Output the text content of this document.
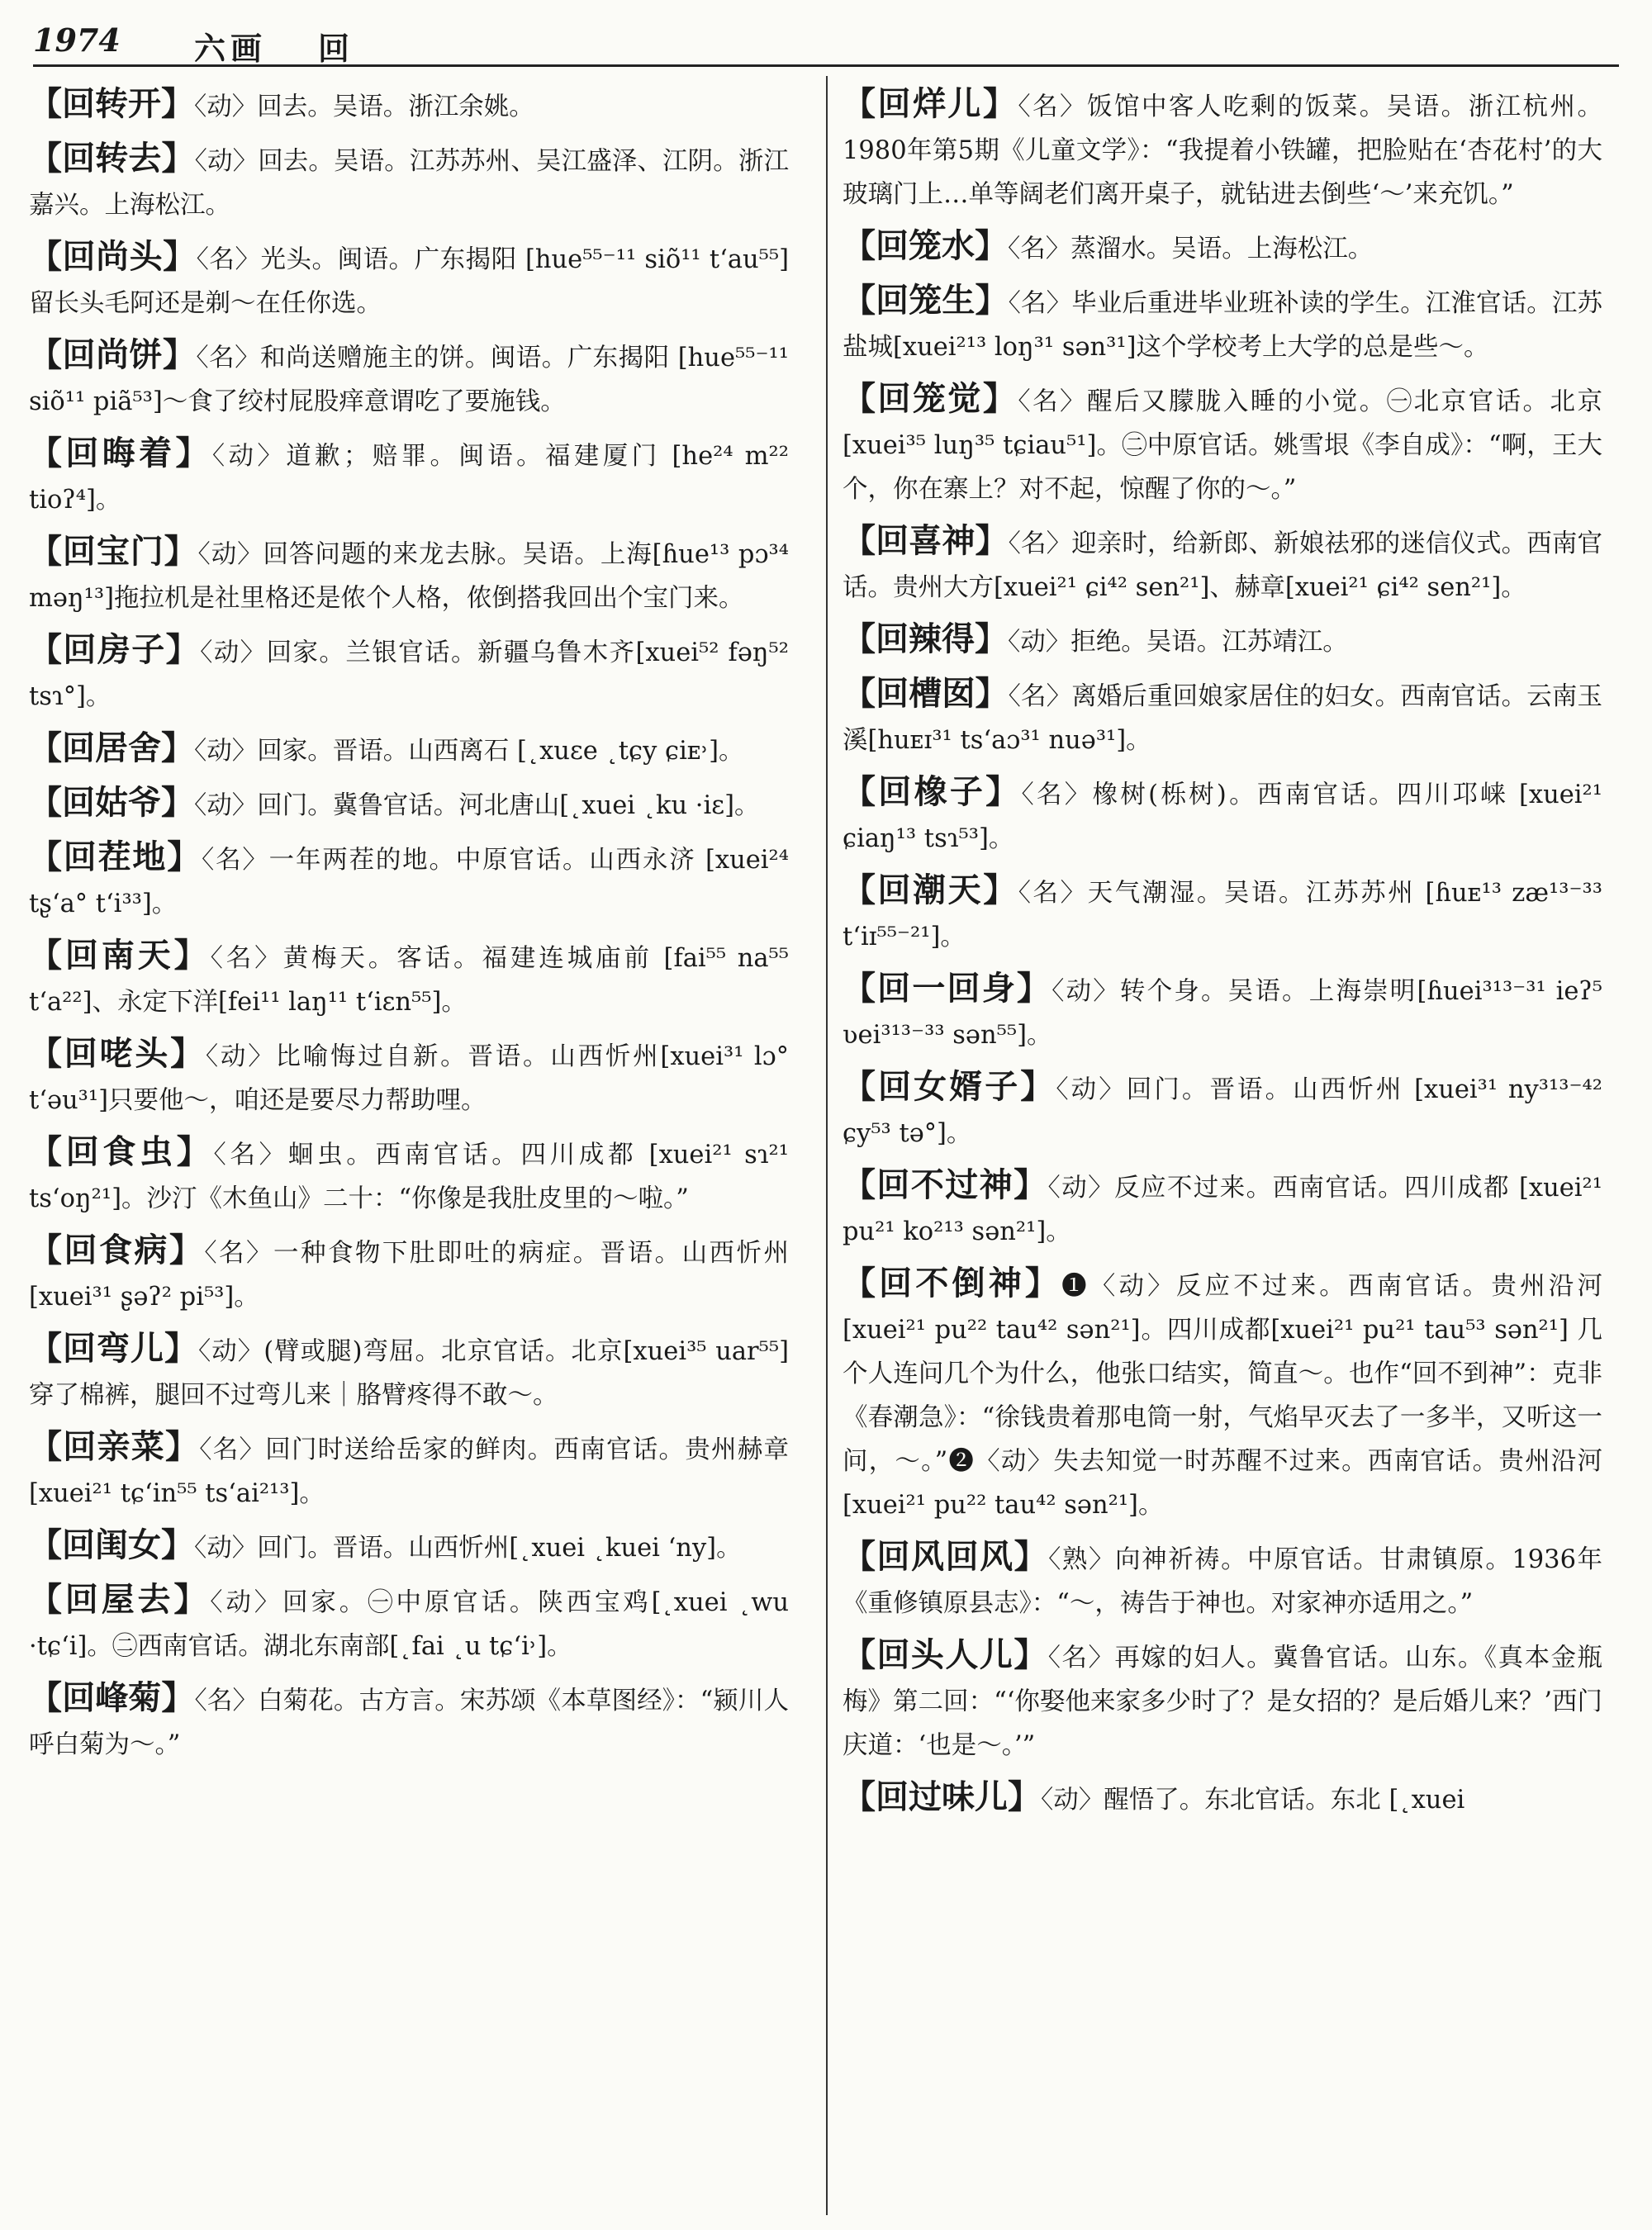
1974 六画 回

【回转开】〈动〉回去。吴语。浙江余姚。

【回转去】〈动〉回去。吴语。江苏苏州、吴江盛泽、江阴。浙江嘉兴。上海松江。

【回尚头】〈名〉光头。闽语。广东揭阳 [hue⁵⁵⁻¹¹ siõ¹¹ tʻau⁵⁵]留长头毛阿还是剃～在任你选。

【回尚饼】〈名〉和尚送赠施主的饼。闽语。广东揭阳 [hue⁵⁵⁻¹¹ siõ¹¹ piã⁵³]～食了绞村屁股痒意谓吃了要施钱。

【回晦着】〈动〉道歉；赔罪。闽语。福建厦门 [he²⁴ m²² tioʔ⁴]。

【回宝门】〈动〉回答问题的来龙去脉。吴语。上海[ɦue¹³ pɔ³⁴ məŋ¹³]拖拉机是社里格还是侬个人格，侬倒搭我回出个宝门来。

【回房子】〈动〉回家。兰银官话。新疆乌鲁木齐[xuei⁵² fəŋ⁵² tsɿ°]。

【回居舍】〈动〉回家。晋语。山西离石 [˛xuɛe ˛tɕy ɕiᴇ˒]。

【回姑爷】〈动〉回门。冀鲁官话。河北唐山[˛xuei ˛ku ·iɛ]。

【回茬地】〈名〉一年两茬的地。中原官话。山西永济 [xuei²⁴ tʂʻa° tʻi³³]。

【回南天】〈名〉黄梅天。客话。福建连城庙前 [fai⁵⁵ na⁵⁵ tʻa²²]、永定下洋[fei¹¹ laŋ¹¹ tʻiɛn⁵⁵]。

【回咾头】〈动〉比喻悔过自新。晋语。山西忻州[xuei³¹ lɔ° tʻəu³¹]只要他～，咱还是要尽力帮助哩。

【回食虫】〈名〉蛔虫。西南官话。四川成都 [xuei²¹ sɿ²¹ tsʻoŋ²¹]。沙汀《木鱼山》二十：“你像是我肚皮里的～啦。”

【回食病】〈名〉一种食物下肚即吐的病症。晋语。山西忻州[xuei³¹ ʂəʔ² pi⁵³]。

【回弯儿】〈动〉(臂或腿)弯屈。北京官话。北京[xuei³⁵ uar⁵⁵] 穿了棉裤，腿回不过弯儿来｜胳臂疼得不敢～。

【回亲菜】〈名〉回门时送给岳家的鲜肉。西南官话。贵州赫章[xuei²¹ tɕʻin⁵⁵ tsʻai²¹³]。

【回闺女】〈动〉回门。晋语。山西忻州[˛xuei ˛kuei ʻny]。

【回屋去】〈动〉回家。㊀中原官话。陕西宝鸡[˛xuei ˛wu ·tɕʻi]。㊁西南官话。湖北东南部[˛fai ˛u tɕʻi˒]。

【回峰菊】〈名〉白菊花。古方言。宋苏颂《本草图经》：“颍川人呼白菊为～。”

【回烊儿】〈名〉饭馆中客人吃剩的饭菜。吴语。浙江杭州。1980年第5期《儿童文学》：“我提着小铁罐，把脸贴在‘杏花村’的大玻璃门上…单等阔老们离开桌子，就钻进去倒些‘～’来充饥。”

【回笼水】〈名〉蒸溜水。吴语。上海松江。

【回笼生】〈名〉毕业后重进毕业班补读的学生。江淮官话。江苏盐城[xuei²¹³ loŋ³¹ sən³¹]这个学校考上大学的总是些～。

【回笼觉】〈名〉醒后又朦胧入睡的小觉。㊀北京官话。北京 [xuei³⁵ luŋ³⁵ tɕiau⁵¹]。㊁中原官话。姚雪垠《李自成》：“啊，王大个，你在寨上？对不起，惊醒了你的～。”

【回喜神】〈名〉迎亲时，给新郎、新娘祛邪的迷信仪式。西南官话。贵州大方[xuei²¹ ɕi⁴² sen²¹]、赫章[xuei²¹ ɕi⁴² sen²¹]。

【回辣得】〈动〉拒绝。吴语。江苏靖江。

【回槽囡】〈名〉离婚后重回娘家居住的妇女。西南官话。云南玉溪[huᴇɪ³¹ tsʻaɔ³¹ nuə³¹]。

【回橡子】〈名〉橡树(栎树)。西南官话。四川邛崃 [xuei²¹ ɕiaŋ¹³ tsɿ⁵³]。

【回潮天】〈名〉天气潮湿。吴语。江苏苏州 [ɦuᴇ¹³ zæ¹³⁻³³ tʻiɪ⁵⁵⁻²¹]。

【回一回身】〈动〉转个身。吴语。上海崇明[ɦuei³¹³⁻³¹ ieʔ⁵ ʋei³¹³⁻³³ sən⁵⁵]。

【回女婿子】〈动〉回门。晋语。山西忻州 [xuei³¹ ny³¹³⁻⁴² ɕy⁵³ tə°]。

【回不过神】〈动〉反应不过来。西南官话。四川成都 [xuei²¹ pu²¹ ko²¹³ sən²¹]。

【回不倒神】❶〈动〉反应不过来。西南官话。贵州沿河 [xuei²¹ pu²² tau⁴² sən²¹]。四川成都[xuei²¹ pu²¹ tau⁵³ sən²¹] 几个人连问几个为什么，他张口结实，简直～。也作“回不到神”：克非《春潮急》：“徐钱贵着那电筒一射，气焰早灭去了一多半，又听这一问，～。”❷〈动〉失去知觉一时苏醒不过来。西南官话。贵州沿河[xuei²¹ pu²² tau⁴² sən²¹]。

【回风回风】〈熟〉向神祈祷。中原官话。甘肃镇原。1936年《重修镇原县志》：“～，祷告于神也。对家神亦适用之。”

【回头人儿】〈名〉再嫁的妇人。冀鲁官话。山东。《真本金瓶梅》第二回：“‘你娶他来家多少时了？是女招的？是后婚儿来？’西门庆道：‘也是～。’”

【回过味儿】〈动〉醒悟了。东北官话。东北 [˛xuei
